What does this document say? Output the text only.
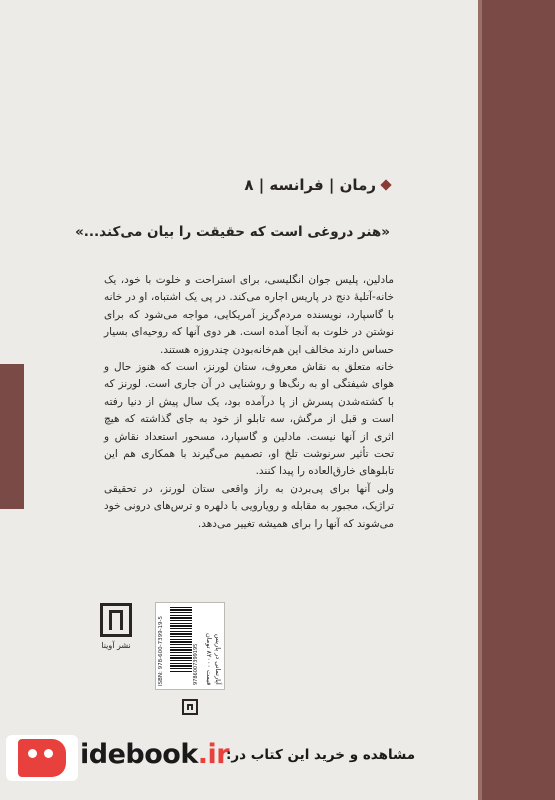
رمان | فرانسه | ۸
«هنر دروغی است که حقیقت را بیان می‌کند...»

مادلین، پلیس جوان انگلیسی، برای استراحت و خلوت با خود، یک خانه-آتلیهٔ دنج در پاریس اجاره می‌کند. در پی یک اشتباه، او در خانه با گاسپارد، نویسنده مردم‌گریز آمریکایی، مواجه می‌شود که برای نوشتن در خلوت به آنجا آمده است. هر دوی آنها که روحیه‌ای بسیار حساس دارند مخالف این هم‌خانه‌بودن چندروزه هستند.

خانه متعلق به نقاش معروف، ستان لورنز، است که هنوز حال و هوای شیفتگی او به رنگ‌ها و روشنایی در آن جاری است. لورنز که با کشته‌شدن پسرش از پا درآمده بود، یک سال پیش از دنیا رفته است و قبل از مرگش، سه تابلو از خود به جای گذاشته که هیچ اثری از آنها نیست. مادلین و گاسپارد، مسحور استعداد نقاش و تحت تأثیر سرنوشت تلخ او، تصمیم می‌گیرند با همکاری هم این تابلوهای خارق‌العاده را پیدا کنند.

ولی آنها برای پی‌بردن به راز واقعی ستان لورنز، در تحقیقی تراژیک، مجبور به مقابله و رویارویی با دلهره و ترس‌های درونی خود می‌شوند که آنها را برای همیشه تغییر می‌دهد.

نشر آوینا	ISBN: 978-600-7399-19-5	9786007399195	آپارتمانی در پاریس
قیمت ۸۲۰۰۰ تومان
idebook.ir
مشاهده و خرید این کتاب در:
